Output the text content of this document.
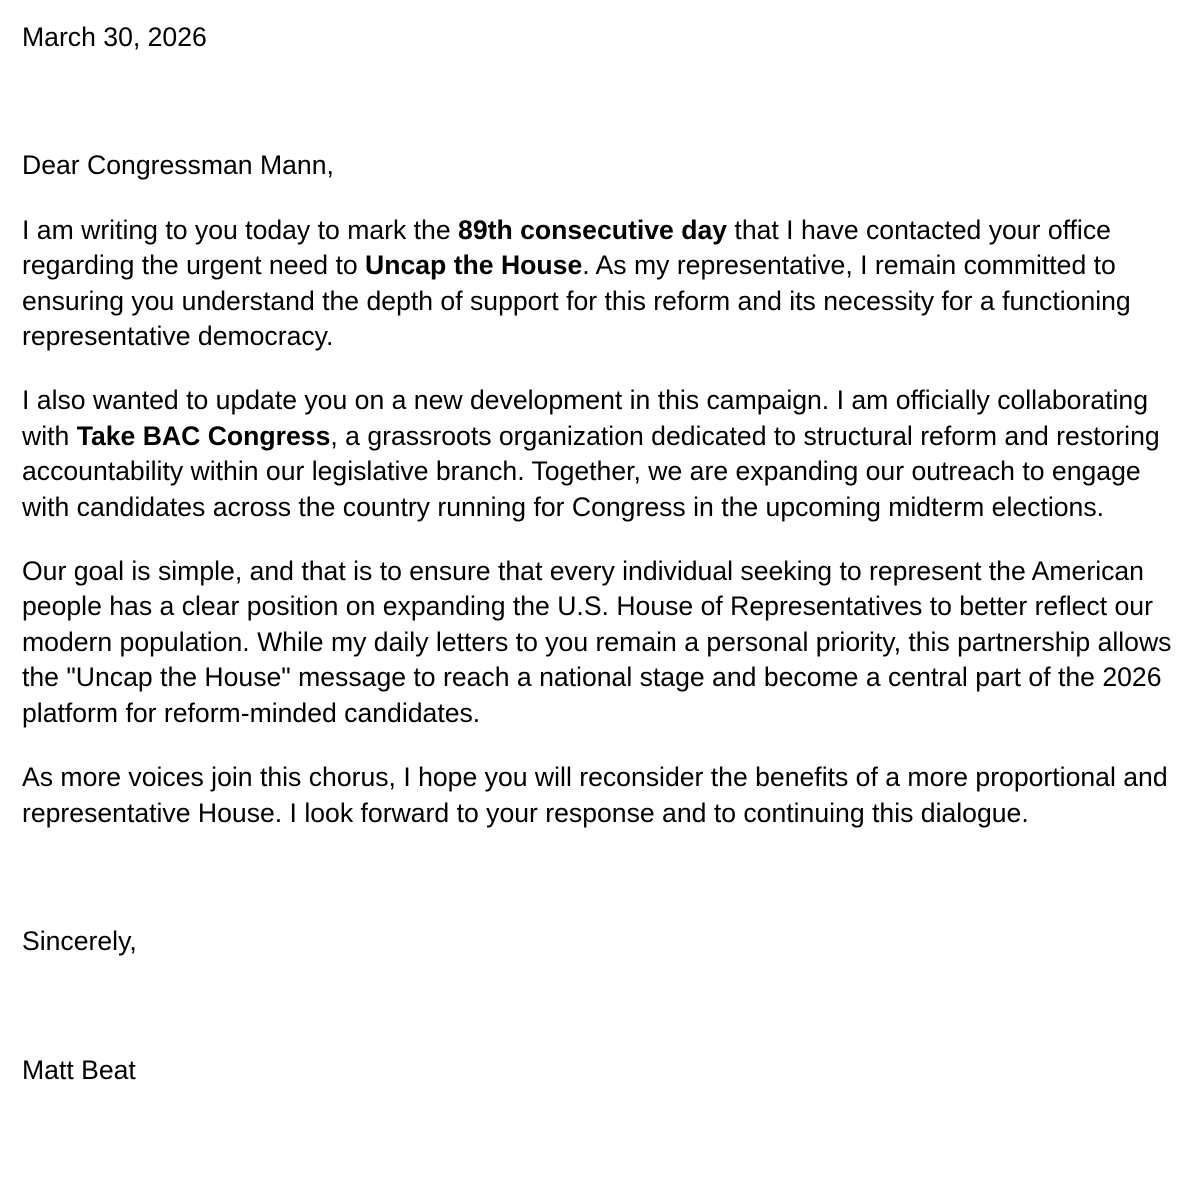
March 30, 2026

Dear Congressman Mann,

I am writing to you today to mark the 89th consecutive day that I have contacted your office regarding the urgent need to Uncap the House. As my representative, I remain committed to ensuring you understand the depth of support for this reform and its necessity for a functioning representative democracy.

I also wanted to update you on a new development in this campaign. I am officially collaborating with Take BAC Congress, a grassroots organization dedicated to structural reform and restoring accountability within our legislative branch. Together, we are expanding our outreach to engage with candidates across the country running for Congress in the upcoming midterm elections.

Our goal is simple, and that is to ensure that every individual seeking to represent the American people has a clear position on expanding the U.S. House of Representatives to better reflect our modern population. While my daily letters to you remain a personal priority, this partnership allows the "Uncap the House" message to reach a national stage and become a central part of the 2026 platform for reform-minded candidates.

As more voices join this chorus, I hope you will reconsider the benefits of a more proportional and representative House. I look forward to your response and to continuing this dialogue.

Sincerely,

Matt Beat
